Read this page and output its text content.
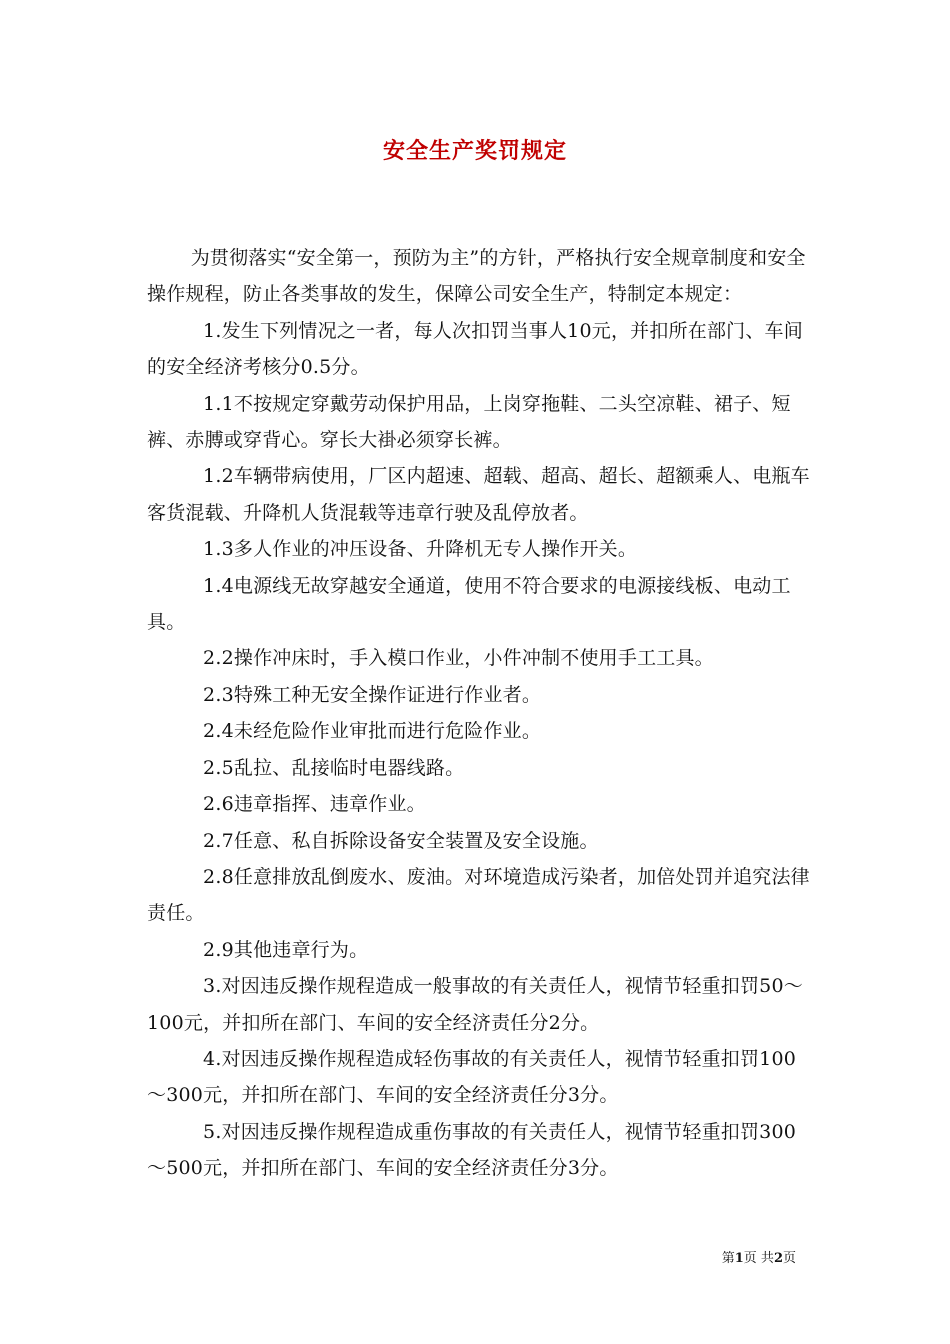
安全生产奖罚规定

为贯彻落实“安全第一，预防为主”的方针，严格执行安全规章制度和安全操作规程，防止各类事故的发生，保障公司安全生产，特制定本规定：

1.发生下列情况之一者，每人次扣罚当事人10元，并扣所在部门、车间的安全经济考核分0.5分。

1.1不按规定穿戴劳动保护用品，上岗穿拖鞋、二头空凉鞋、裙子、短裤、赤膊或穿背心。穿长大褂必须穿长裤。

1.2车辆带病使用，厂区内超速、超载、超高、超长、超额乘人、电瓶车客货混载、升降机人货混载等违章行驶及乱停放者。

1.3多人作业的冲压设备、升降机无专人操作开关。

1.4电源线无故穿越安全通道，使用不符合要求的电源接线板、电动工具。

2.2操作冲床时，手入模口作业，小件冲制不使用手工工具。

2.3特殊工种无安全操作证进行作业者。

2.4未经危险作业审批而进行危险作业。

2.5乱拉、乱接临时电器线路。

2.6违章指挥、违章作业。

2.7任意、私自拆除设备安全装置及安全设施。

2.8任意排放乱倒废水、废油。对环境造成污染者，加倍处罚并追究法律责任。

2.9其他违章行为。

3.对因违反操作规程造成一般事故的有关责任人，视情节轻重扣罚50～100元，并扣所在部门、车间的安全经济责任分2分。

4.对因违反操作规程造成轻伤事故的有关责任人，视情节轻重扣罚100～300元，并扣所在部门、车间的安全经济责任分3分。

5.对因违反操作规程造成重伤事故的有关责任人，视情节轻重扣罚300～500元，并扣所在部门、车间的安全经济责任分3分。

第1页 共2页
